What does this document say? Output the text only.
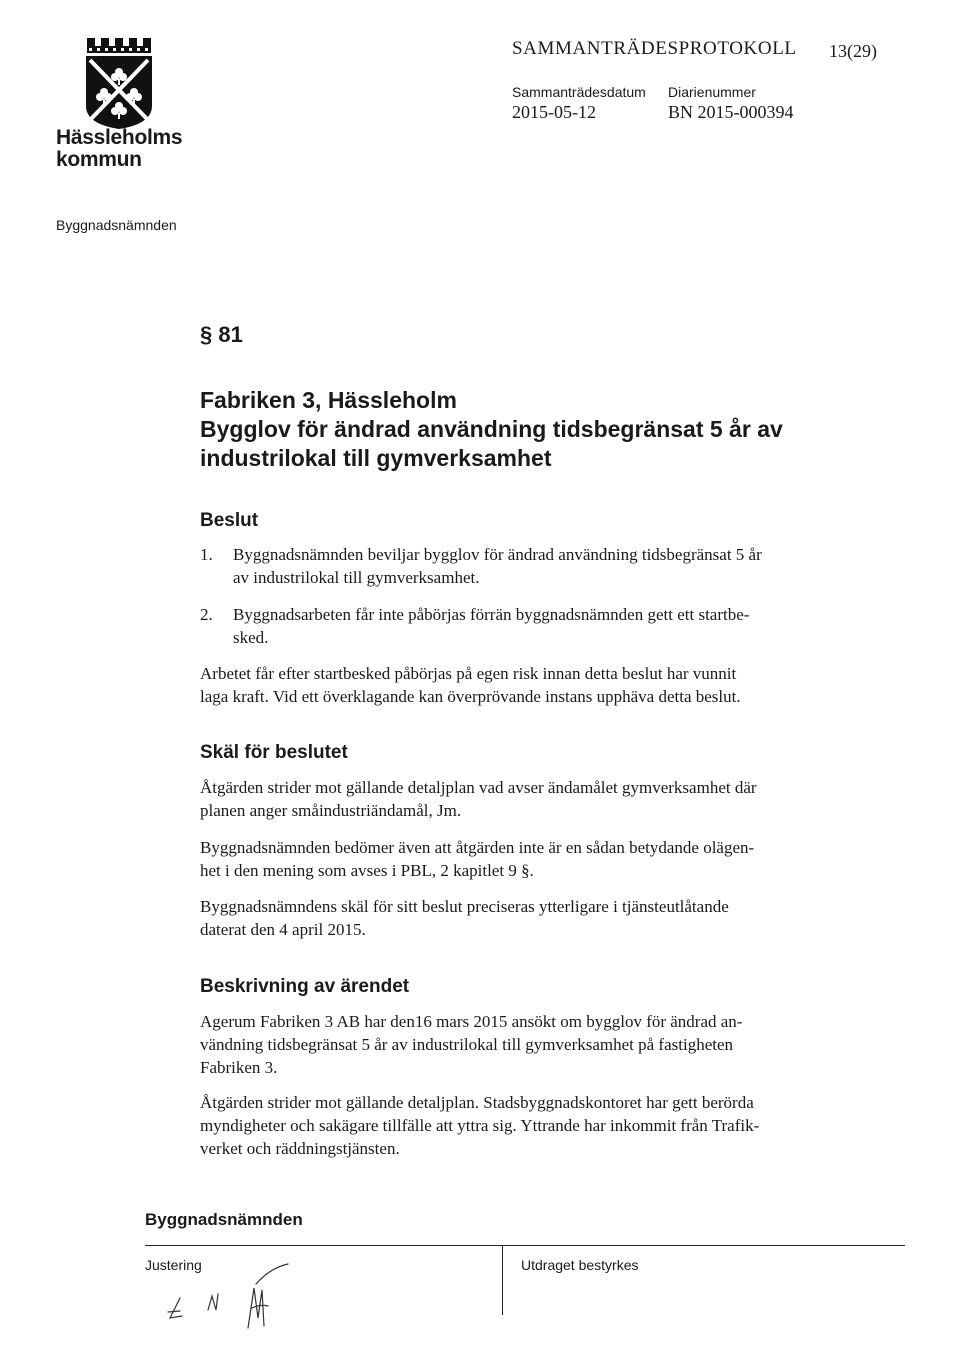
Hässleholms kommun
SAMMANTRÄDESPROTOKOLL 13(29)
Sammanträdesdatum Diarienummer
2015-05-12	BN 2015-000394
Byggnadsnämnden
§ 81
Fabriken 3, Hässleholm
Bygglov för ändrad användning tidsbegränsat 5 år av
industrilokal till gymverksamhet
Beslut
1.	Byggnadsnämnden beviljar bygglov för ändrad användning tidsbegränsat 5 år
av industrilokal till gymverksamhet.
2.	Byggnadsarbeten får inte påbörjas förrän byggnadsnämnden gett ett startbe-
sked.
Arbetet får efter startbesked påbörjas på egen risk innan detta beslut har vunnit
laga kraft. Vid ett överklagande kan överprövande instans upphäva detta beslut.
Skäl för beslutet
Åtgärden strider mot gällande detaljplan vad avser ändamålet gymverksamhet där
planen anger småindustriändamål, Jm.
Byggnadsnämnden bedömer även att åtgärden inte är en sådan betydande olägen-
het i den mening som avses i PBL, 2 kapitlet 9 §.
Byggnadsnämndens skäl för sitt beslut preciseras ytterligare i tjänsteutlåtande
daterat den 4 april 2015.
Beskrivning av ärendet
Agerum Fabriken 3 AB har den16 mars 2015 ansökt om bygglov för ändrad an-
vändning tidsbegränsat 5 år av industrilokal till gymverksamhet på fastigheten
Fabriken 3.
Åtgärden strider mot gällande detaljplan. Stadsbyggnadskontoret har gett berörda
myndigheter och sakägare tillfälle att yttra sig. Yttrande har inkommit från Trafik-
verket och räddningstjänsten.
Byggnadsnämnden
Justering	Utdraget bestyrkes
